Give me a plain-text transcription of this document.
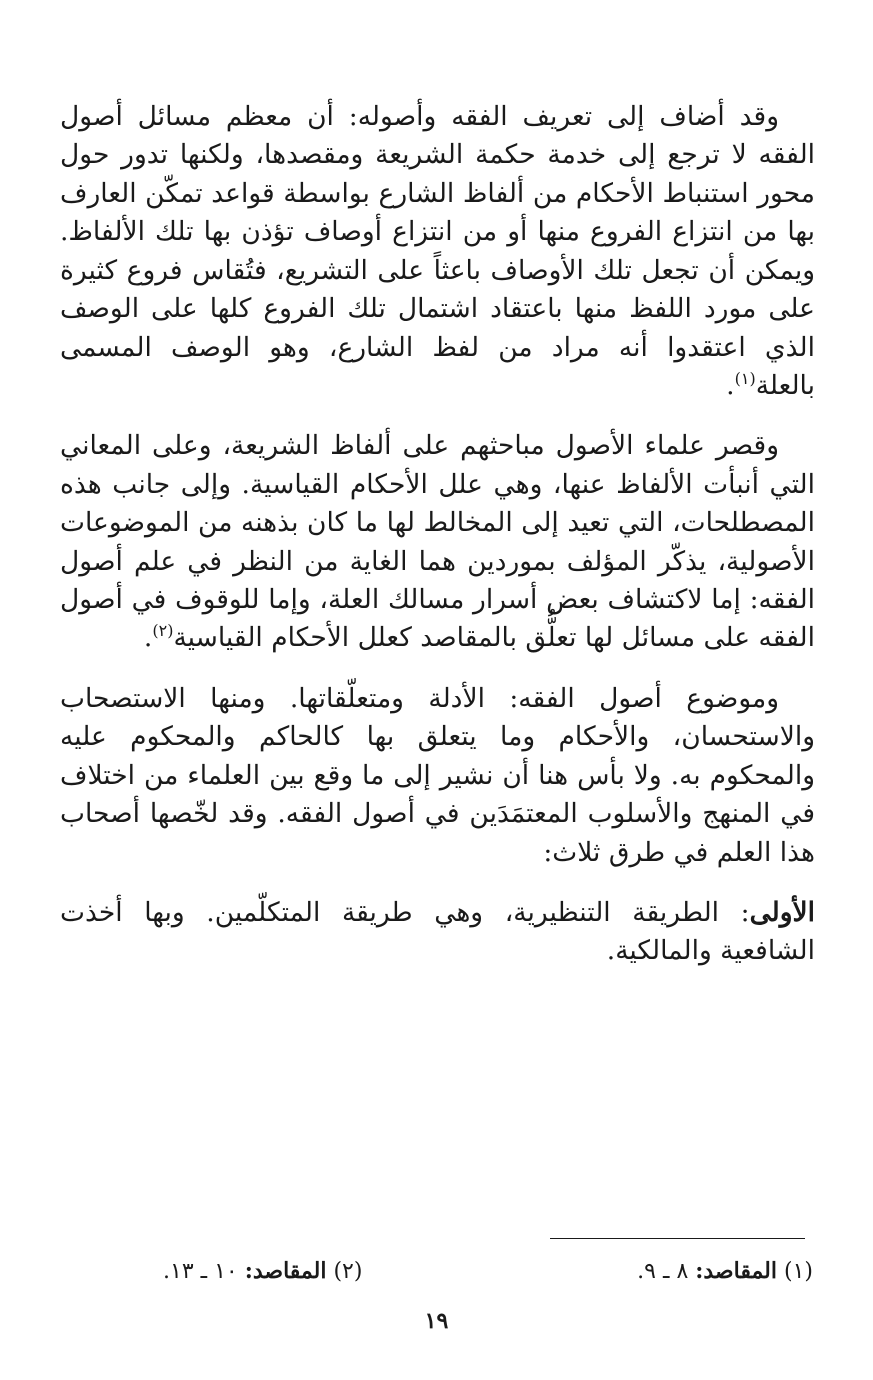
وقد أضاف إلى تعريف الفقه وأصوله: أن معظم مسائل أصول الفقه لا ترجع إلى خدمة حكمة الشريعة ومقصدها، ولكنها تدور حول محور استنباط الأحكام من ألفاظ الشارع بواسطة قواعد تمكّن العارف بها من انتزاع الفروع منها أو من انتزاع أوصاف تؤذن بها تلك الألفاظ. ويمكن أن تجعل تلك الأوصاف باعثاً على التشريع، فتُقاس فروع كثيرة على مورد اللفظ منها باعتقاد اشتمال تلك الفروع كلها على الوصف الذي اعتقدوا أنه مراد من لفظ الشارع، وهو الوصف المسمى بالعلة$^{(١)}$.

وقصر علماء الأصول مباحثهم على ألفاظ الشريعة، وعلى المعاني التي أنبأت الألفاظ عنها، وهي علل الأحكام القياسية. وإلى جانب هذه المصطلحات، التي تعيد إلى المخالط لها ما كان بذهنه من الموضوعات الأصولية، يذكّر المؤلف بموردين هما الغاية من النظر في علم أصول الفقه: إما لاكتشاف بعض أسرار مسالك العلة، وإما للوقوف في أصول الفقه على مسائل لها تعلُّق بالمقاصد كعلل الأحكام القياسية$^{(٢)}$.

وموضوع أصول الفقه: الأدلة ومتعلّقاتها. ومنها الاستصحاب والاستحسان، والأحكام وما يتعلق بها كالحاكم والمحكوم عليه والمحكوم به. ولا بأس هنا أن نشير إلى ما وقع بين العلماء من اختلاف في المنهج والأسلوب المعتمَدَين في أصول الفقه. وقد لخّصها أصحاب هذا العلم في طرق ثلاث:

الأولى: الطريقة التنظيرية، وهي طريقة المتكلّمين. وبها أخذت الشافعية والمالكية.

(١) المقاصد: ٨ ـ ٩.
(٢) المقاصد: ١٠ ـ ١٣.
١٩
